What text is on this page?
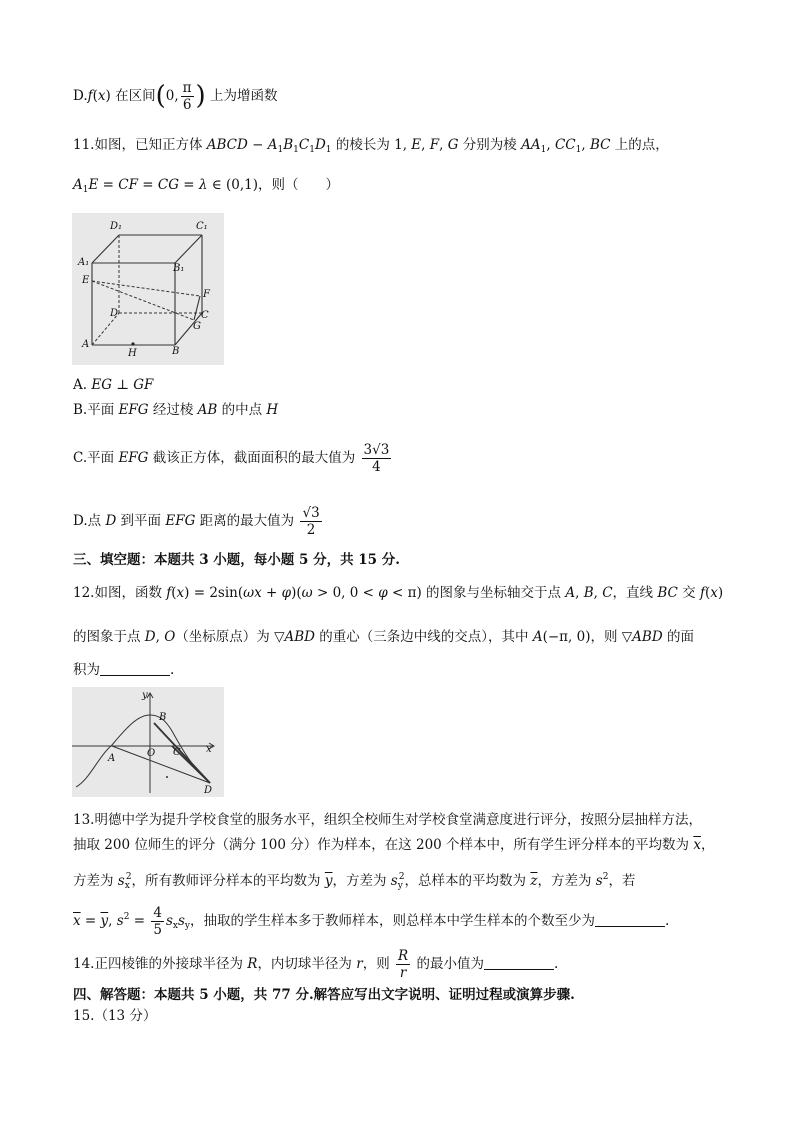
D.f(x) 在区间(0, $\frac{\pi}{6}$ ) 上为增函数
11.如图，已知正方体 ABCD − $A_1B_1C_1D_1$ 的棱长为 1, E, F, G 分别为棱 $AA_1$, $CC_1$, BC 上的点，
$A_1E$ = CF = CG = λ ∈ (0,1)，则（　　）
D₁	C₁
A₁
B₁
E
F
D	C
G
A
H	B
A. EG ⊥ GF
B.平面 EFG 经过棱 AB 的中点 H
C.平面 EFG 截该正方体，截面面积的最大值为 $\frac{3√3}{4}$
D.点 D 到平面 EFG 距离的最大值为 $\frac{√3}{2}$
三、填空题：本题共 3 小题，每小题 5 分，共 15 分.
12.如图，函数 f(x) = 2sin(ωx + φ)(ω > 0, 0 < φ < π) 的图象与坐标轴交于点 A, B, C，直线 BC 交 f(x)
的图象于点 D, O（坐标原点）为 ▽ABD 的重心（三条边中线的交点），其中 A(−π, 0)，则 ▽ABD 的面
积为	.
y
x
B
O C
A
D
13.明德中学为提升学校食堂的服务水平，组织全校师生对学校食堂满意度进行评分，按照分层抽样方法，
抽取 200 位师生的评分（满分 100 分）作为样本，在这 200 个样本中，所有学生评分样本的平均数为 $\overline{x}$，
方差为 $s_x^2$，所有教师评分样本的平均数为 $\overline{y}$，方差为 $s_y^2$，总样本的平均数为 $\overline{z}$，方差为 $s^2$，若
$\overline{x} = \overline{y}$, $s^2 = \frac{4}{5} s_xs_y$，抽取的学生样本多于教师样本，则总样本中学生样本的个数至少为	.
14.正四棱锥的外接球半径为 R，内切球半径为 r，则 $\frac{R}{r}$ 的最小值为	.
四、解答题：本题共 5 小题，共 77 分.解答应写出文字说明、证明过程或演算步骤.
15.（13 分）
